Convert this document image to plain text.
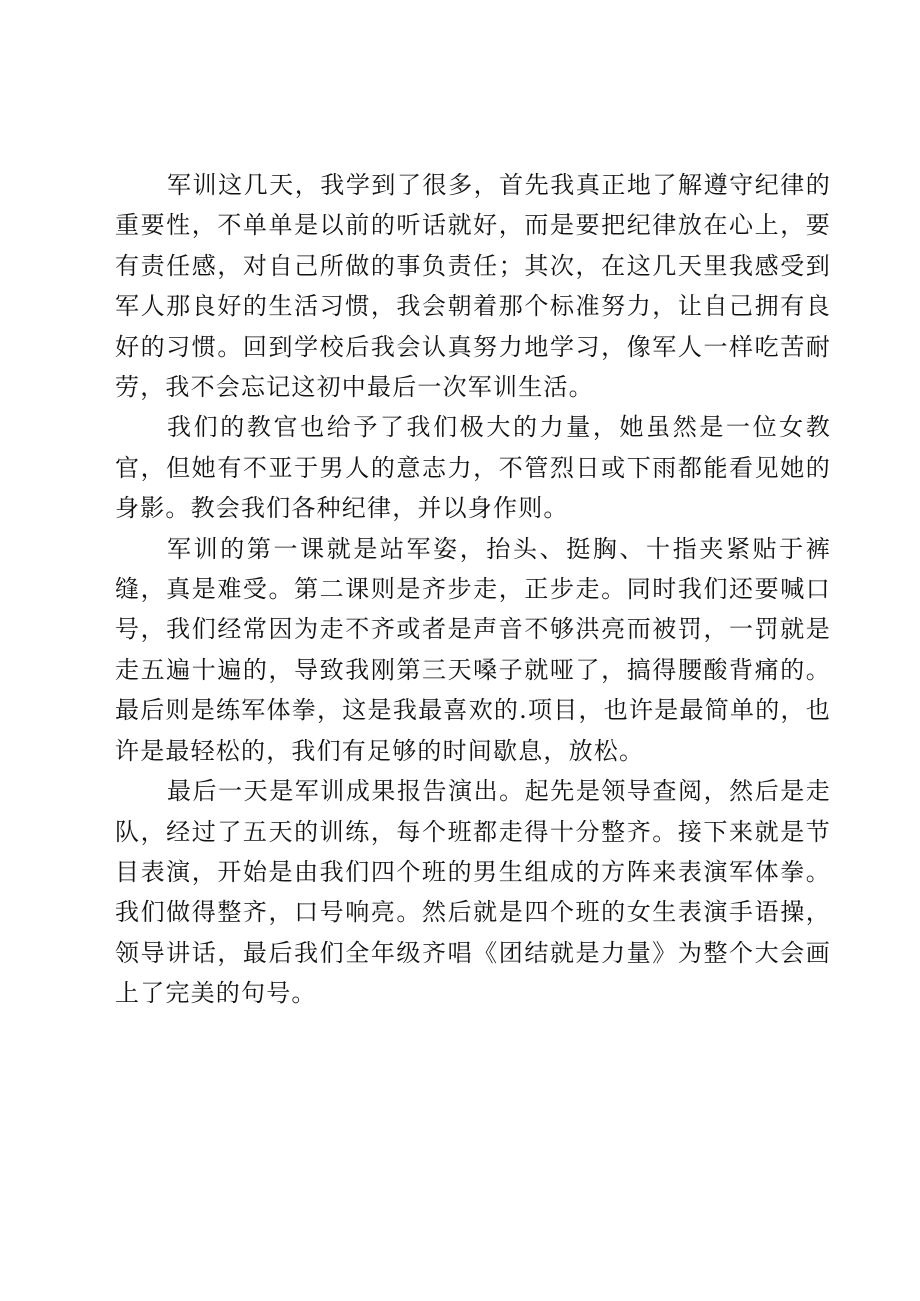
军训这几天，我学到了很多，首先我真正地了解遵守纪律的重要性，不单单是以前的听话就好，而是要把纪律放在心上，要有责任感，对自己所做的事负责任；其次，在这几天里我感受到军人那良好的生活习惯，我会朝着那个标准努力，让自己拥有良好的习惯。回到学校后我会认真努力地学习，像军人一样吃苦耐劳，我不会忘记这初中最后一次军训生活。

我们的教官也给予了我们极大的力量，她虽然是一位女教官，但她有不亚于男人的意志力，不管烈日或下雨都能看见她的身影。教会我们各种纪律，并以身作则。

军训的第一课就是站军姿，抬头、挺胸、十指夹紧贴于裤缝，真是难受。第二课则是齐步走，正步走。同时我们还要喊口号，我们经常因为走不齐或者是声音不够洪亮而被罚，一罚就是走五遍十遍的，导致我刚第三天嗓子就哑了，搞得腰酸背痛的。最后则是练军体拳，这是我最喜欢的.项目，也许是最简单的，也许是最轻松的，我们有足够的时间歇息，放松。

最后一天是军训成果报告演出。起先是领导查阅，然后是走队，经过了五天的训练，每个班都走得十分整齐。接下来就是节目表演，开始是由我们四个班的男生组成的方阵来表演军体拳。我们做得整齐，口号响亮。然后就是四个班的女生表演手语操，领导讲话，最后我们全年级齐唱《团结就是力量》为整个大会画上了完美的句号。
